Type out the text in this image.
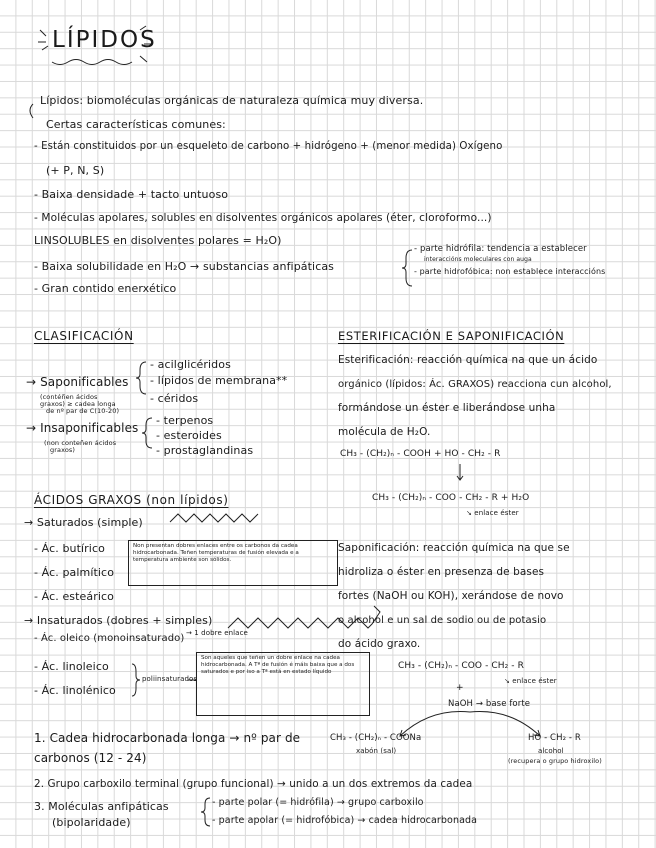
LÍPIDOS
Lípidos: biomoléculas orgánicas de naturaleza química muy diversa.
Certas características comunes:
- Están constituidos por un esqueleto de carbono + hidrógeno + (menor medida) Oxígeno
(+ P, N, S)
- Baixa densidade + tacto untuoso
- Moléculas apolares, solubles en disolventes orgánicos apolares (éter, cloroformo...)
LINSOLUBLES en disolventes polares = H₂O)
- Baixa solubilidade en H₂O → substancias anfipáticas
- Gran contido enerxético
- parte hidrófila: tendencia a establecer
interaccións moleculares con auga
- parte hidrofóbica: non establece interaccións
CLASIFICACIÓN
→ Saponificables
(contéñen ácidos
graxos) ≥ cadea longa
de nº par de C(10-20)
- acilglicéridos
- lípidos de membrana**
- céridos
→ Insaponificables
(non conteñen ácidos
graxos)
- terpenos
- esteroides
- prostaglandinas
ESTERIFICACIÓN E SAPONIFICACIÓN
Esterificación: reacción química na que un ácido
orgánico (lípidos: Ác. GRAXOS) reacciona cun alcohol,
formándose un éster e liberándose unha
molécula de H₂O.
CH₃ - (CH₂)ₙ - COOH + HO - CH₂ - R
CH₃ - (CH₂)ₙ - COO - CH₂ - R + H₂O
↘ enlace éster
ÁCIDOS GRAXOS (non lípidos)
→ Saturados (simple)
- Ác. butírico
- Ác. palmítico
- Ác. esteárico
Non presentan dobres enlaces entre os carbonos da cadea hidrocarbonada. Teñen temperaturas de fusión elevada e a temperatura ambiente son sólidos.
→ Insaturados (dobres + simples)
- Ác. oleico (monoinsaturado) → 1 dobre enlace
- Ác. linoleico
- Ác. linolénico
poliinsaturados
Son aqueles que teñen un dobre enlace na cadea hidrocarbonada. A Tª de fusión é máis baixa que a dos saturados e por iso a Tª está en estado líquido
Saponificación: reacción química na que se
hidroliza o éster en presenza de bases
fortes (NaOH ou KOH), xerándose de novo
o alcohol e un sal de sodio ou de potasio
do ácido graxo.
CH₃ - (CH₂)ₙ - COO - CH₂ - R
↘ enlace éster
+
NaOH → base forte
CH₃ - (CH₂)ₙ - COONa
xabón (sal)
HO - CH₂ - R
alcohol
(recupera o grupo hidroxilo)
1. Cadea hidrocarbonada longa → nº par de
carbonos (12 - 24)
2. Grupo carboxilo terminal (grupo funcional) → unido a un dos extremos da cadea
3. Moléculas anfipáticas
(bipolaridade)
- parte polar (= hidrófila) → grupo carboxilo
- parte apolar (= hidrofóbica) → cadea hidrocarbonada
